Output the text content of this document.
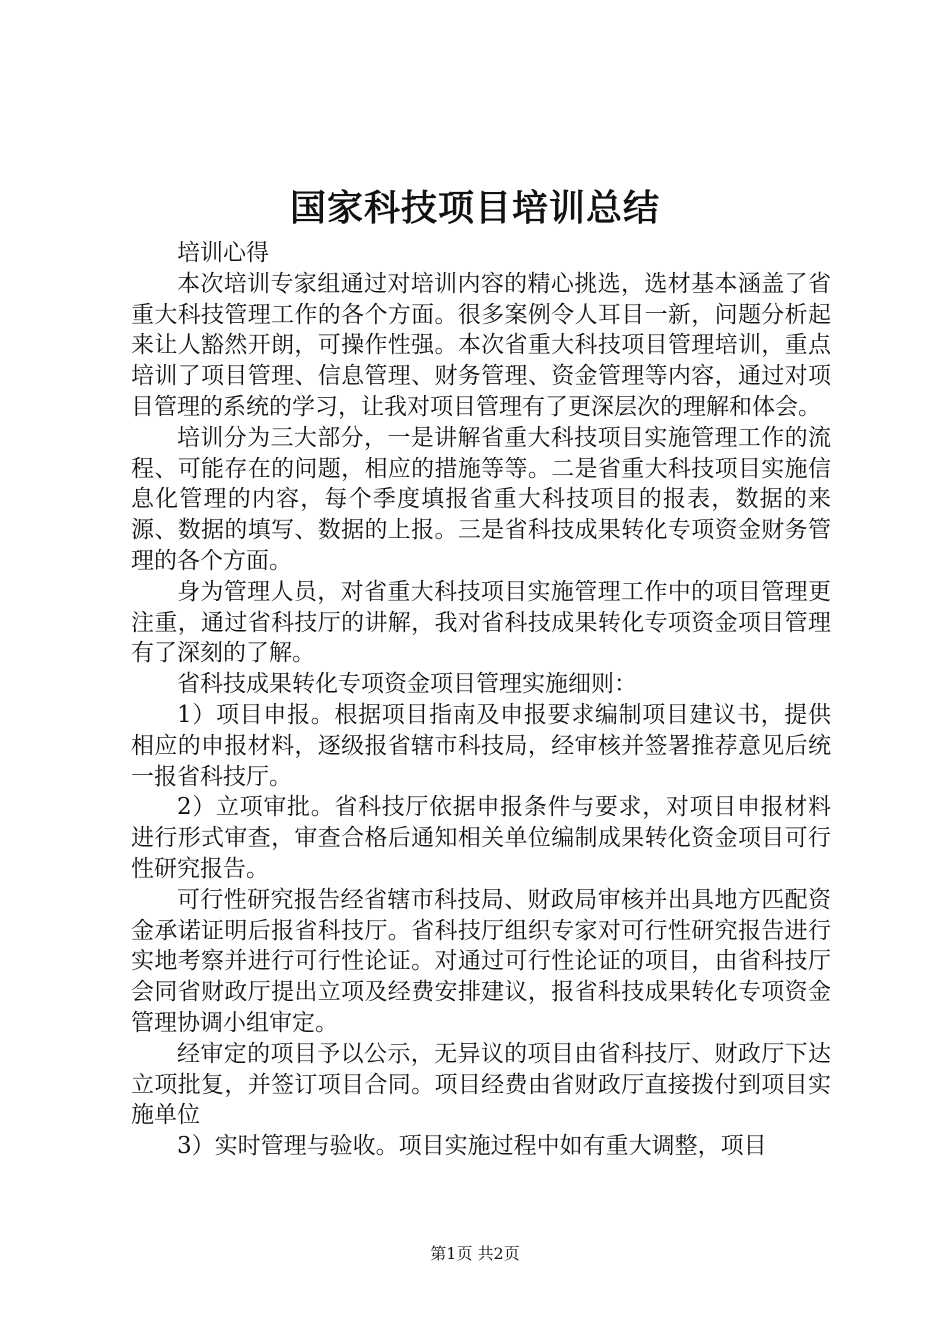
国家科技项目培训总结

培训心得

本次培训专家组通过对培训内容的精心挑选，选材基本涵盖了省重大科技管理工作的各个方面。很多案例令人耳目一新，问题分析起来让人豁然开朗，可操作性强。本次省重大科技项目管理培训，重点培训了项目管理、信息管理、财务管理、资金管理等内容，通过对项目管理的系统的学习，让我对项目管理有了更深层次的理解和体会。

培训分为三大部分，一是讲解省重大科技项目实施管理工作的流程、可能存在的问题，相应的措施等等。二是省重大科技项目实施信息化管理的内容，每个季度填报省重大科技项目的报表，数据的来源、数据的填写、数据的上报。三是省科技成果转化专项资金财务管理的各个方面。

身为管理人员，对省重大科技项目实施管理工作中的项目管理更注重，通过省科技厅的讲解，我对省科技成果转化专项资金项目管理有了深刻的了解。

省科技成果转化专项资金项目管理实施细则：

1）项目申报。根据项目指南及申报要求编制项目建议书，提供相应的申报材料，逐级报省辖市科技局，经审核并签署推荐意见后统一报省科技厅。

2）立项审批。省科技厅依据申报条件与要求，对项目申报材料进行形式审查，审查合格后通知相关单位编制成果转化资金项目可行性研究报告。

可行性研究报告经省辖市科技局、财政局审核并出具地方匹配资金承诺证明后报省科技厅。省科技厅组织专家对可行性研究报告进行实地考察并进行可行性论证。对通过可行性论证的项目，由省科技厅会同省财政厅提出立项及经费安排建议，报省科技成果转化专项资金管理协调小组审定。

经审定的项目予以公示，无异议的项目由省科技厅、财政厅下达立项批复，并签订项目合同。项目经费由省财政厅直接拨付到项目实施单位

3）实时管理与验收。项目实施过程中如有重大调整，项目

第1页 共2页
